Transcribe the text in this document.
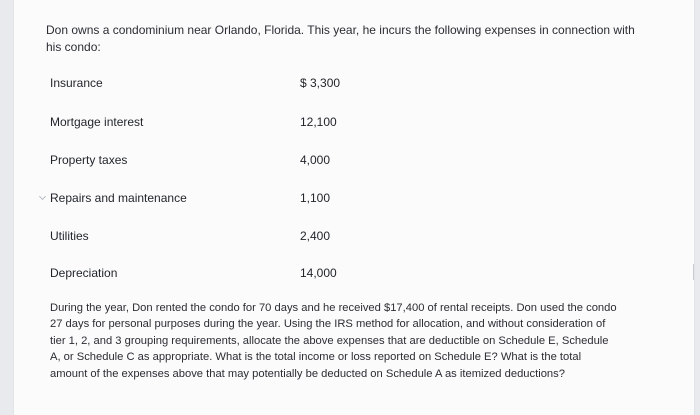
Don owns a condominium near Orlando, Florida. This year, he incurs the following expenses in connection with his condo:
Insurance	$ 3,300
Mortgage interest	12,100
Property taxes	4,000
Repairs and maintenance	1,100
Utilities	2,400
Depreciation	14,000
During the year, Don rented the condo for 70 days and he received $17,400 of rental receipts. Don used the condo 27 days for personal purposes during the year. Using the IRS method for allocation, and without consideration of tier 1, 2, and 3 grouping requirements, allocate the above expenses that are deductible on Schedule E, Schedule A, or Schedule C as appropriate. What is the total income or loss reported on Schedule E? What is the total amount of the expenses above that may potentially be deducted on Schedule A as itemized deductions?
